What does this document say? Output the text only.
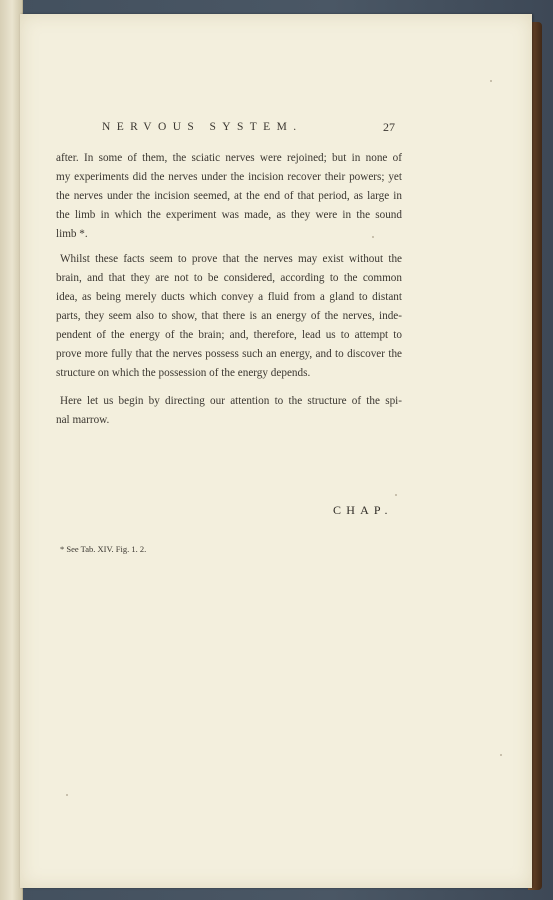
NERVOUS SYSTEM.	27
after. In some of them, the sciatic nerves were rejoined; but in none of
my experiments did the nerves under the incision recover their powers; yet
the nerves under the incision seemed, at the end of that period, as large in
the limb in which the experiment was made, as they were in the sound
limb *.
Whilst these facts seem to prove that the nerves may exist without the
brain, and that they are not to be considered, according to the common
idea, as being merely ducts which convey a fluid from a gland to distant
parts, they seem also to show, that there is an energy of the nerves, inde-
pendent of the energy of the brain; and, therefore, lead us to attempt to
prove more fully that the nerves possess such an energy, and to discover the
structure on which the possession of the energy depends.
Here let us begin by directing our attention to the structure of the spi-
nal marrow.
CHAP.
* See Tab. XIV. Fig. 1. 2.
